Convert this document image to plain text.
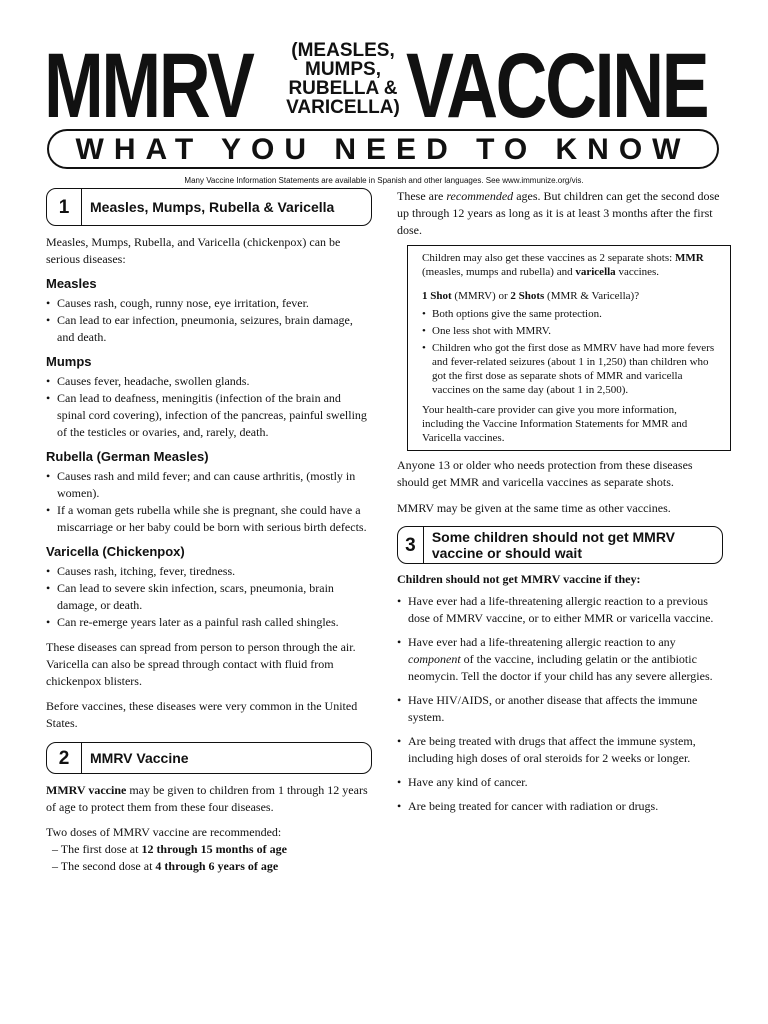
MMRV	(MEASLES, MUMPS, RUBELLA & VARICELLA) VACCINE
WHAT YOU NEED TO KNOW
Many Vaccine Information Statements are available in Spanish and other languages. See www.immunize.org/vis.
1	Measles, Mumps, Rubella & Varicella

Measles, Mumps, Rubella, and Varicella (chickenpox) can be serious diseases:

Measles
• Causes rash, cough, runny nose, eye irritation, fever.
• Can lead to ear infection, pneumonia, seizures, brain damage, and death.
Mumps
• Causes fever, headache, swollen glands.
• Can lead to deafness, meningitis (infection of the brain and spinal cord covering), infection of the pancreas, painful swelling of the testicles or ovaries, and, rarely, death.
Rubella (German Measles)
• Causes rash and mild fever; and can cause arthritis, (mostly in women).
• If a woman gets rubella while she is pregnant, she could have a miscarriage or her baby could be born with serious birth defects.
Varicella (Chickenpox)
• Causes rash, itching, fever, tiredness.
• Can lead to severe skin infection, scars, pneumonia, brain damage, or death.
• Can re-emerge years later as a painful rash called shingles.

These diseases can spread from person to person through the air. Varicella can also be spread through contact with fluid from chickenpox blisters.

Before vaccines, these diseases were very common in the United States.

2	MMRV Vaccine

MMRV vaccine may be given to children from 1 through 12 years of age to protect them from these four diseases.

Two doses of MMRV vaccine are recommended:

– The first dose at 12 through 15 months of age

– The second dose at 4 through 6 years of age

These are recommended ages. But children can get the second dose up through 12 years as long as it is at least 3 months after the first dose.

Children may also get these vaccines as 2 separate shots: MMR (measles, mumps and rubella) and varicella vaccines.

1 Shot (MMRV) or 2 Shots (MMR & Varicella)?

• Both options give the same protection.
• One less shot with MMRV.
• Children who got the first dose as MMRV have had more fevers and fever-related seizures (about 1 in 1,250) than children who got the first dose as separate shots of MMR and varicella vaccines on the same day (about 1 in 2,500).

Your health-care provider can give you more information, including the Vaccine Information Statements for MMR and Varicella vaccines.

Anyone 13 or older who needs protection from these diseases should get MMR and varicella vaccines as separate shots.

MMRV may be given at the same time as other vaccines.

3	Some children should not get MMRV vaccine or should wait

Children should not get MMRV vaccine if they:

• Have ever had a life-threatening allergic reaction to a previous dose of MMRV vaccine, or to either MMR or varicella vaccine.
• Have ever had a life-threatening allergic reaction to any component of the vaccine, including gelatin or the antibiotic neomycin. Tell the doctor if your child has any severe allergies.
• Have HIV/AIDS, or another disease that affects the immune system.
• Are being treated with drugs that affect the immune system, including high doses of oral steroids for 2 weeks or longer.
• Have any kind of cancer.
• Are being treated for cancer with radiation or drugs.
